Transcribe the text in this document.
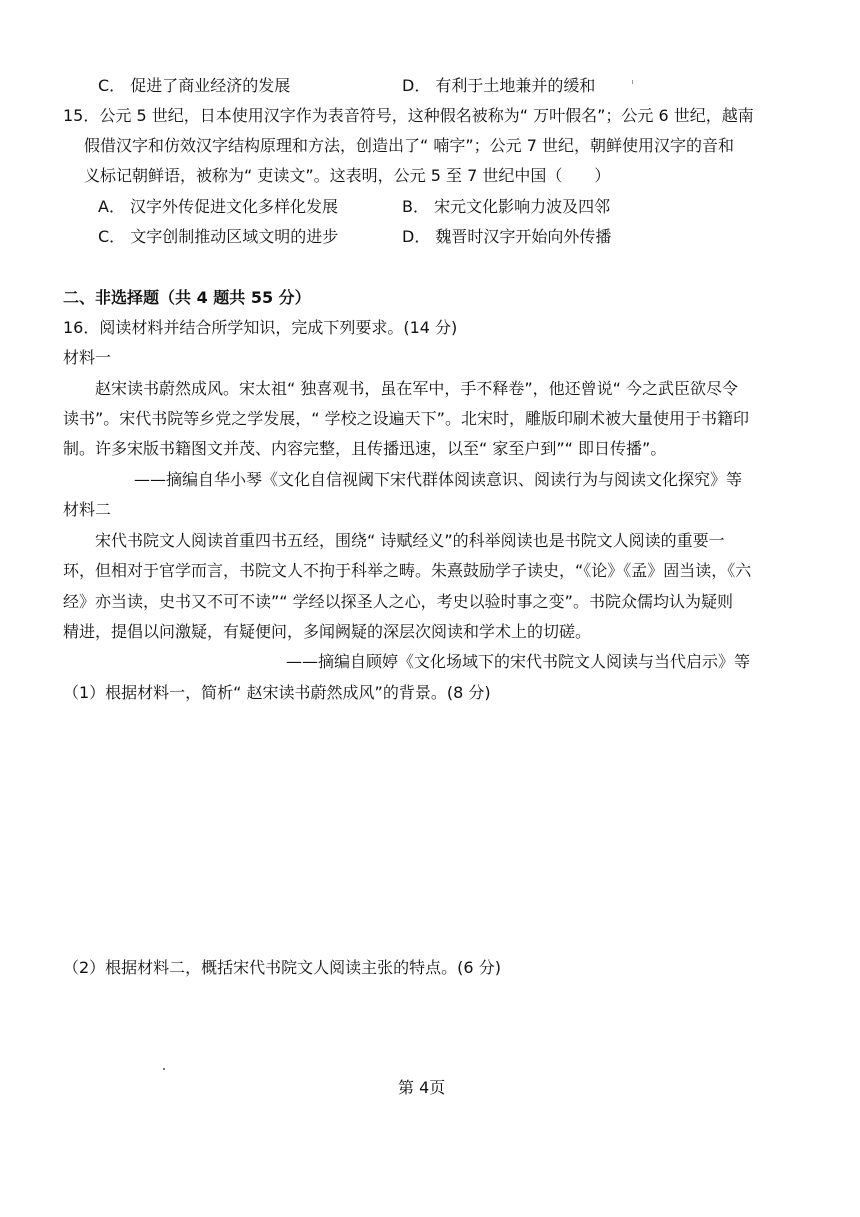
C． 促进了商业经济的发展	D． 有利于土地兼并的缓和
15．公元 5 世纪，日本使用汉字作为表音符号，这种假名被称为“ 万叶假名”；公元 6 世纪，越南
假借汉字和仿效汉字结构原理和方法，创造出了“ 喃字”；公元 7 世纪，朝鲜使用汉字的音和
义标记朝鲜语，被称为“ 吏读文”。这表明，公元 5 至 7 世纪中国（　　）
A． 汉字外传促进文化多样化发展	B． 宋元文化影响力波及四邻
C． 文字创制推动区域文明的进步	D． 魏晋时汉字开始向外传播
二、非选择题（共 4 题共 55 分）
16．阅读材料并结合所学知识，完成下列要求。(14 分)
材料一
赵宋读书蔚然成风。宋太祖“ 独喜观书，虽在军中，手不释卷”，他还曾说“ 今之武臣欲尽令
读书”。宋代书院等乡党之学发展，“ 学校之设遍天下”。北宋时，雕版印刷术被大量使用于书籍印
制。许多宋版书籍图文并茂、内容完整，且传播迅速，以至“ 家至户到”“ 即日传播”。
——摘编自华小琴《文化自信视阈下宋代群体阅读意识、阅读行为与阅读文化探究》等
材料二
宋代书院文人阅读首重四书五经，围绕“ 诗赋经义”的科举阅读也是书院文人阅读的重要一
环，但相对于官学而言，书院文人不拘于科举之畴。朱熹鼓励学子读史，“《论》《孟》固当读，《六
经》亦当读，史书又不可不读”“ 学经以探圣人之心，考史以验时事之变”。书院众儒均认为疑则
精进，提倡以问激疑，有疑便问，多闻阙疑的深层次阅读和学术上的切磋。
——摘编自顾婷《文化场域下的宋代书院文人阅读与当代启示》等
（1）根据材料一，简析“ 赵宋读书蔚然成风”的背景。(8 分)
（2）根据材料二，概括宋代书院文人阅读主张的特点。(6 分)
第 4页
